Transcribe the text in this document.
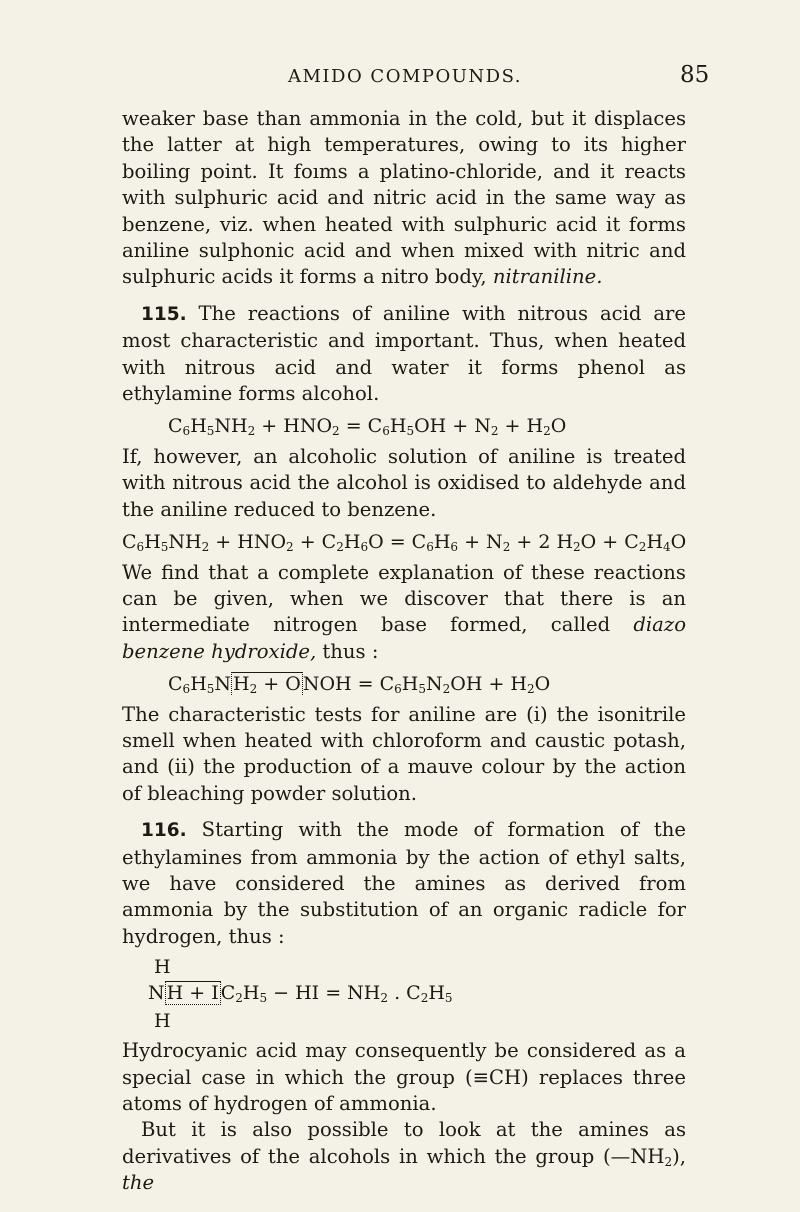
AMIDO COMPOUNDS.	85

weaker base than ammonia in the cold, but it displaces the latter at high temperatures, owing to its higher boiling point. It foıms a platino-chloride, and it reacts with sulphuric acid and nitric acid in the same way as benzene, viz. when heated with sulphuric acid it forms aniline sulphonic acid and when mixed with nitric and sulphuric acids it forms a nitro body, nitraniline.

115. The reactions of aniline with nitrous acid are most characteristic and important. Thus, when heated with nitrous acid and water it forms phenol as ethylamine forms alcohol.

$C_6H_5NH_2 + HNO_2 = C_6H_5OH + N_2 + H_2O$

If, however, an alcoholic solution of aniline is treated with nitrous acid the alcohol is oxidised to aldehyde and the aniline reduced to benzene.

$C_6H_5NH_2 + HNO_2 + C_2H_6O = C_6H_6 + N_2 + 2$ $H_2O + C_2H_4O$

We find that a complete explanation of these reactions can be given, when we discover that there is an intermediate nitrogen base formed, called diazo benzene hydroxide, thus :

$C_6H_5N$ $H_2 + O$ NOH = $C_6H_5N_2OH + H_2O$

The characteristic tests for aniline are (i) the isonitrile smell when heated with chloroform and caustic potash, and (ii) the production of a mauve colour by the action of bleaching powder solution.

116. Starting with the mode of formation of the ethylamines from ammonia by the action of ethyl salts, we have considered the amines as derived from ammonia by the substitution of an organic radicle for hydrogen, thus :

H
N H + I $C_2H_5$ − HI = $NH_2$ . $C_2H_5$
H

Hydrocyanic acid may consequently be considered as a special case in which the group (≡CH) replaces three atoms of hydrogen of ammonia.

But it is also possible to look at the amines as derivatives of the alcohols in which the group $(—NH_2)$, the
